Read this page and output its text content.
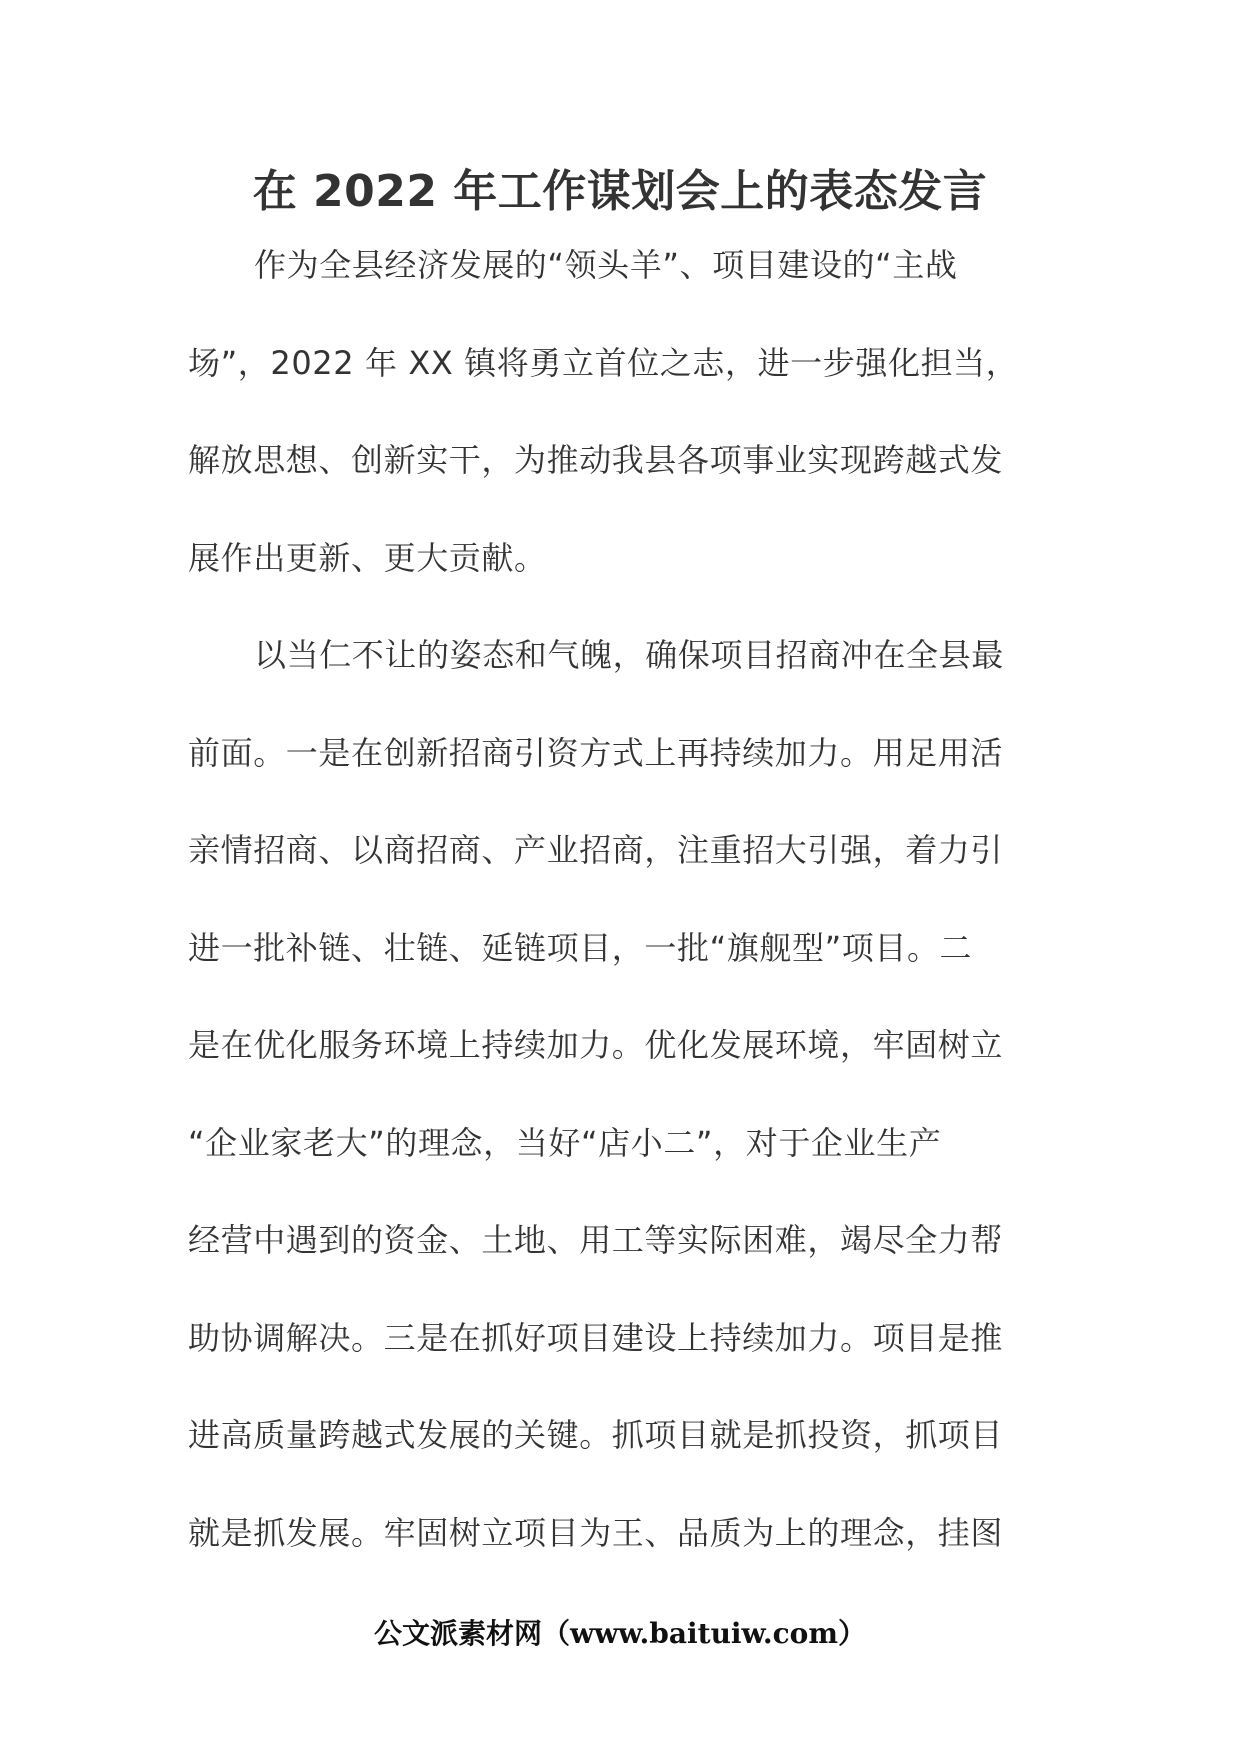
在 2022 年工作谋划会上的表态发言
作为全县经济发展的“领头羊”、项目建设的“主战
场”，2022 年 XX 镇将勇立首位之志，进一步强化担当，
解放思想、创新实干，为推动我县各项事业实现跨越式发
展作出更新、更大贡献。
以当仁不让的姿态和气魄，确保项目招商冲在全县最
前面。一是在创新招商引资方式上再持续加力。用足用活
亲情招商、以商招商、产业招商，注重招大引强，着力引
进一批补链、壮链、延链项目，一批“旗舰型”项目。二
是在优化服务环境上持续加力。优化发展环境，牢固树立
“企业家老大”的理念，当好“店小二”，对于企业生产
经营中遇到的资金、土地、用工等实际困难，竭尽全力帮
助协调解决。三是在抓好项目建设上持续加力。项目是推
进高质量跨越式发展的关键。抓项目就是抓投资，抓项目
就是抓发展。牢固树立项目为王、品质为上的理念，挂图
公文派素材网（www.baituiw.com）
